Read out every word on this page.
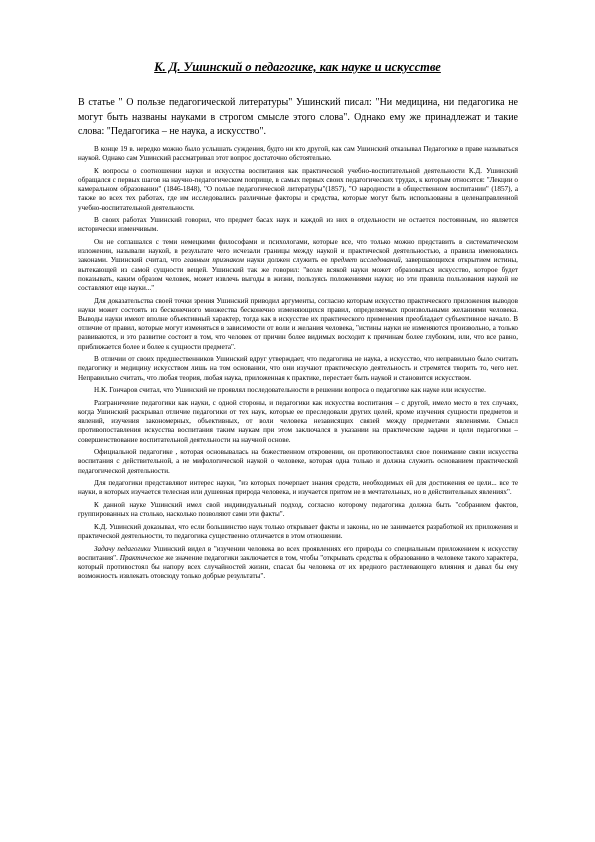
К. Д. Ушинский о педагогике, как науке и искусстве

В статье " О пользе педагогической литературы" Ушинский писал: "Ни медицина, ни педагогика не могут быть названы науками в строгом смысле этого слова". Однако ему же принадлежат и такие слова: "Педагогика – не наука, а искусство".

В конце 19 в. нередко можно было услышать суждения, будто ни кто другой, как сам Ушинский отказывал Педагогике в праве называться наукой. Однако сам Ушинский рассматривал этот вопрос достаточно обстоятельно.

К вопросы о соотношении науки и искусства воспитания как практической учебно-воспитательной деятельности К.Д. Ушинский обращался с первых шагов на научно-педагогическом поприще, в самых первых своих педагогических трудах, к которым относятся: "Лекции о камеральном образовании" (1846-1848), "О пользе педагогической литературы"(1857), "О народности в общественном воспитании" (1857), а также во всех тех работах, где им исследовались различные факторы и средства, которые могут быть использованы в целенаправленной учебно-воспитательной деятельности.

В своих работах Ушинский говорил, что предмет басах наук и каждой из них в отдельности не остается постоянным, но является исторически изменчивым.

Он не соглашался с теми немецкими философами и психологами, которые все, что только можно представить в систематическом изложении, называли наукой, в результате чего исчезали границы между наукой и практической деятельностью, а правила именовались законами. Ушинский считал, что главным признаком науки должен служить ее предмет исследований, завершающихся открытием истины, вытекающей из самой сущности вещей. Ушинский так же говорил: "возле всякой науки может образоваться искусство, которое будет показывать, каким образом человек, может извлечь выгоды в жизни, пользуясь положениями науки; но эти правила пользования наукой не составляют еще науки..."

Для доказательства своей точки зрения Ушинский приводил аргументы, согласно которым искусство практического приложения выводов науки может состоять из бесконечного множества бесконечно изменяющихся правил, определяемых произвольными желаниями человека. Выводы науки имеют вполне объективный характер, тогда как в искусстве их практического применения преобладает субъективное начало. В отличие от правил, которые могут изменяться в зависимости от воли и желания человека, "истины науки не изменяются произвольно, а только развиваются, и это развитие состоит в том, что человек от причин более видимых восходит к причинам более глубоким, или, что все равно, приближается более и более к сущности предмета".

В отличии от своих предшественников Ушинский вдруг утверждает, что педагогика не наука, а искусство, что неправильно было считать педагогику и медицину искусством лишь на том основании, что они изучают практическую деятельность и стремятся творить то, чего нет. Неправильно считать, что любая теория, любая наука, приложенная к практике, перестает быть наукой и становится искусством.

Н.К. Гончаров считал, что Ушинский не проявлял последовательности в решении вопроса о педагогике как науке или искусстве.

Разграничение педагогики как науки, с одной стороны, и педагогики как искусства воспитания – с другой, имело место в тех случаях, когда Ушинский раскрывал отличие педагогики от тех наук, которые ее преследовали других целей, кроме изучения сущности предметов и явлений, изучения закономерных, объективных, от воли человека независящих связей между предметами явлениями. Смысл противопоставления искусства воспитания таким наукам при этом заключался в указании на практические задачи и цели педагогики – совершенствование воспитательной деятельности на научной основе.

Официальной педагогике , которая основывалась на божественном откровении, он противопоставлял свое понимание связи искусства воспитания с действительной, а не мифологической наукой о человеке, которая одна только и должна служить основанием практической педагогической деятельности.

Для педагогики представляют интерес науки, "из которых почерпает знания средств, необходимых ей для достижения ее цели... все те науки, в которых изучается телесная или душевная природа человека, и изучается притом не в мечтательных, но в действительных явлениях".

К данной науке Ушинский имел свой индивидуальный подход, согласно которому педагогика должна быть "собранием фактов, группированных на столько, насколько позволяют сами эти факты".

К.Д. Ушинский доказывал, что если большинство наук только открывает факты и законы, но не занимается разработкой их приложения и практической деятельности, то педагогика существенно отличается в этом отношении.

Задачу педагогики Ушинский видел в "изучении человека во всех проявлениях его природы со специальным приложением к искусству воспитания". Практическое же значение педагогики заключается в том, чтобы "открывать средства к образованию в человеке такого характера, который противостоял бы напору всех случайностей жизни, спасал бы человека от их вредного растлевающего влияния и давал бы ему возможность извлекать отовсюду только добрые результаты".
